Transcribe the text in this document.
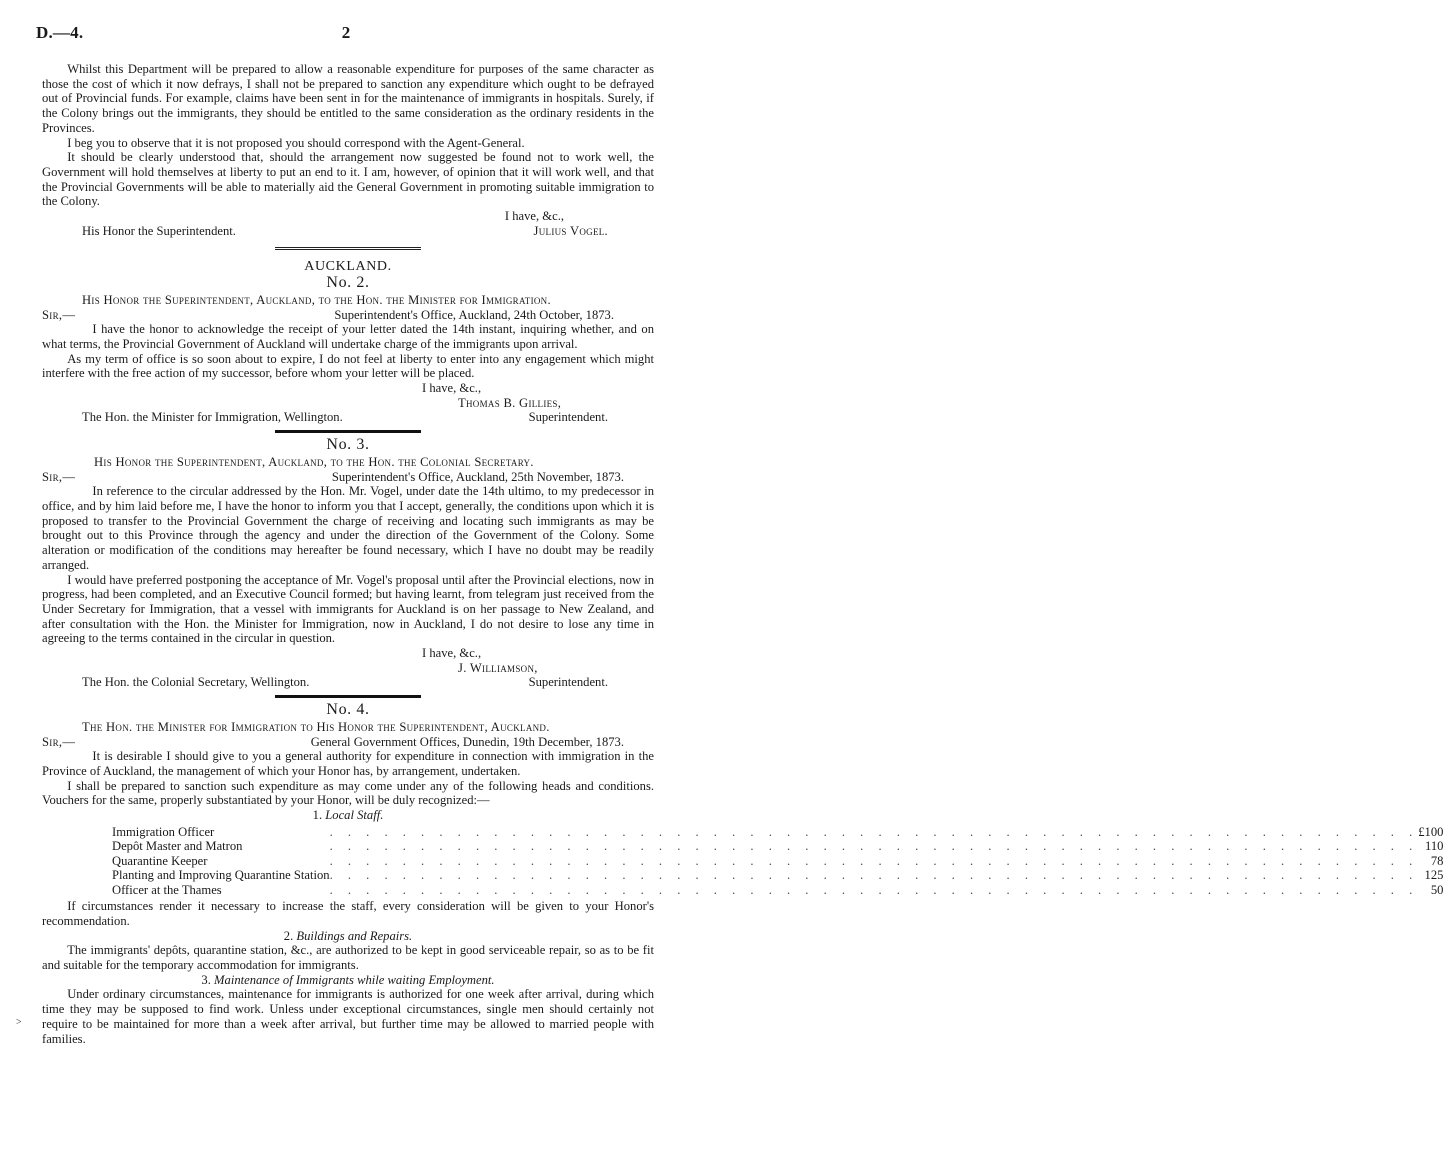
D.—4.	2

Whilst this Department will be prepared to allow a reasonable expenditure for purposes of the same character as those the cost of which it now defrays, I shall not be prepared to sanction any expenditure which ought to be defrayed out of Provincial funds. For example, claims have been sent in for the maintenance of immigrants in hospitals. Surely, if the Colony brings out the immigrants, they should be entitled to the same consideration as the ordinary residents in the Provinces.

I beg you to observe that it is not proposed you should correspond with the Agent-General.

It should be clearly understood that, should the arrangement now suggested be found not to work well, the Government will hold themselves at liberty to put an end to it. I am, however, of opinion that it will work well, and that the Provincial Governments will be able to materially aid the General Government in promoting suitable immigration to the Colony.

I have, &c.,
His Honor the Superintendent.	Julius Vogel.
AUCKLAND.
No. 2.
His Honor the Superintendent, Auckland, to the Hon. the Minister for Immigration.
Sir,—	Superintendent's Office, Auckland, 24th October, 1873.

I have the honor to acknowledge the receipt of your letter dated the 14th instant, inquiring whether, and on what terms, the Provincial Government of Auckland will undertake charge of the immigrants upon arrival.

As my term of office is so soon about to expire, I do not feel at liberty to enter into any engagement which might interfere with the free action of my successor, before whom your letter will be placed.

I have, &c.,
Thomas B. Gillies,
The Hon. the Minister for Immigration, Wellington.	Superintendent.
No. 3.
His Honor the Superintendent, Auckland, to the Hon. the Colonial Secretary.
Sir,—	Superintendent's Office, Auckland, 25th November, 1873.

In reference to the circular addressed by the Hon. Mr. Vogel, under date the 14th ultimo, to my predecessor in office, and by him laid before me, I have the honor to inform you that I accept, generally, the conditions upon which it is proposed to transfer to the Provincial Government the charge of receiving and locating such immigrants as may be brought out to this Province through the agency and under the direction of the Government of the Colony. Some alteration or modification of the conditions may hereafter be found necessary, which I have no doubt may be readily arranged.

I would have preferred postponing the acceptance of Mr. Vogel's proposal until after the Provincial elections, now in progress, had been completed, and an Executive Council formed; but having learnt, from telegram just received from the Under Secretary for Immigration, that a vessel with immigrants for Auckland is on her passage to New Zealand, and after consultation with the Hon. the Minister for Immigration, now in Auckland, I do not desire to lose any time in agreeing to the terms contained in the circular in question.

I have, &c.,
J. Williamson,
The Hon. the Colonial Secretary, Wellington.	Superintendent.
No. 4.
The Hon. the Minister for Immigration to His Honor the Superintendent, Auckland.
Sir,—	General Government Offices, Dunedin, 19th December, 1873.

It is desirable I should give to you a general authority for expenditure in connection with immigration in the Province of Auckland, the management of which your Honor has, by arrangement, undertaken.

I shall be prepared to sanction such expenditure as may come under any of the following heads and conditions. Vouchers for the same, properly substantiated by your Honor, will be duly recognized:—

1. Local Staff.
Immigration Officer	. . . . . . . . . . . . . . . . . . . . . . . . . . . . . . . . . . . . . . . . . . . . . . . . . . . . . . . . . . . .	£100
Depôt Master and Matron	. . . . . . . . . . . . . . . . . . . . . . . . . . . . . . . . . . . . . . . . . . . . . . . . . . . . . . . . . . . .	110
Quarantine Keeper	. . . . . . . . . . . . . . . . . . . . . . . . . . . . . . . . . . . . . . . . . . . . . . . . . . . . . . . . . . . .	78
Planting and Improving Quarantine Station	. . . . . . . . . . . . . . . . . . . . . . . . . . . . . . . . . . . . . . . . . . . . . . . . . . . . . . . . . . . .	125
Officer at the Thames	. . . . . . . . . . . . . . . . . . . . . . . . . . . . . . . . . . . . . . . . . . . . . . . . . . . . . . . . . . . .	50

If circumstances render it necessary to increase the staff, every consideration will be given to your Honor's recommendation.

2. Buildings and Repairs.

The immigrants' depôts, quarantine station, &c., are authorized to be kept in good serviceable repair, so as to be fit and suitable for the temporary accommodation for immigrants.

3. Maintenance of Immigrants while waiting Employment.

Under ordinary circumstances, maintenance for immigrants is authorized for one week after arrival, during which time they may be supposed to find work. Unless under exceptional circumstances, single men should certainly not require to be maintained for more than a week after arrival, but further time may be allowed to married people with families.

˃
